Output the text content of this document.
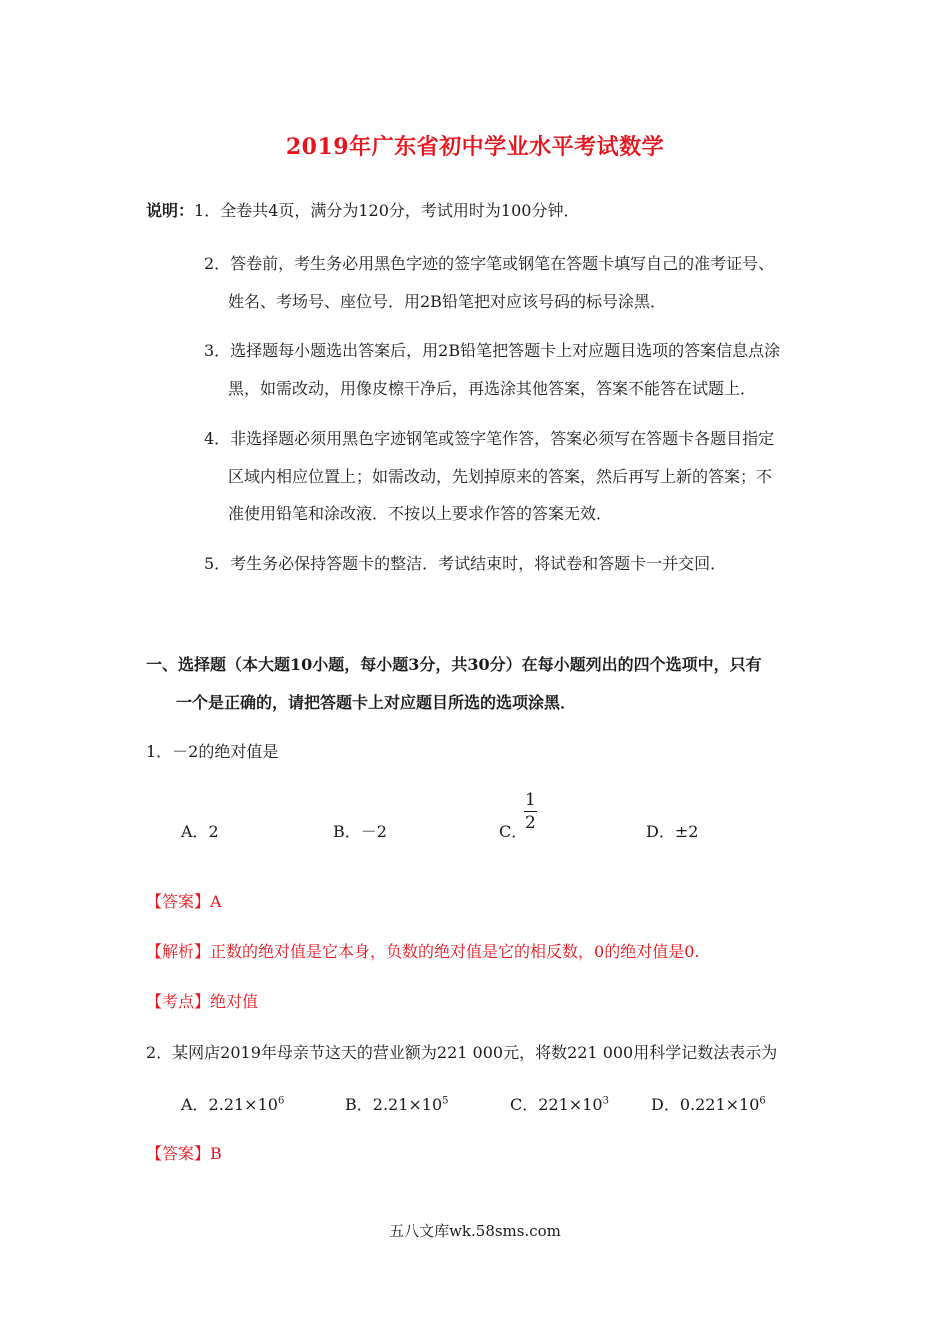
2019年广东省初中学业水平考试数学
说明：1．全卷共4页，满分为120分，考试用时为100分钟．
2．答卷前，考生务必用黑色字迹的签字笔或钢笔在答题卡填写自己的准考证号、
姓名、考场号、座位号．用2B铅笔把对应该号码的标号涂黑．
3．选择题每小题选出答案后，用2B铅笔把答题卡上对应题目选项的答案信息点涂
黑，如需改动，用像皮檫干净后，再选涂其他答案，答案不能答在试题上．
4．非选择题必须用黑色字迹钢笔或签字笔作答，答案必须写在答题卡各题目指定
区域内相应位置上；如需改动，先划掉原来的答案，然后再写上新的答案；不
准使用铅笔和涂改液．不按以上要求作答的答案无效．
5．考生务必保持答题卡的整洁．考试结束时，将试卷和答题卡一并交回．
一、选择题（本大题10小题，每小题3分，共30分）在每小题列出的四个选项中，只有
一个是正确的，请把答题卡上对应题目所选的选项涂黑．
1．－2的绝对值是
A．2	B．－2	C．
$\frac{1}{2}$	D．±2
【答案】A
【解析】正数的绝对值是它本身，负数的绝对值是它的相反数，0的绝对值是0.
【考点】绝对值
2．某网店2019年母亲节这天的营业额为221 000元，将数221 000用科学记数法表示为
A．$2.21\times 10^6$	B．$2.21\times 10^5$	C．$221\times 10^3$	D．$0.221\times 10^6$
【答案】B
五八文库wk.58sms.com
